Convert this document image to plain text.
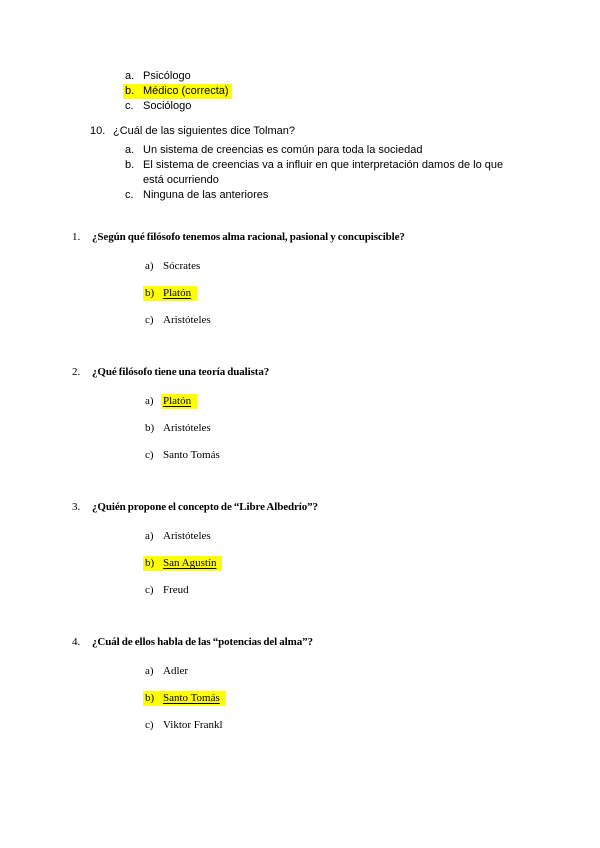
a. Psicólogo
b. Médico (correcta)
c. Sociólogo
10. ¿Cuál de las siguientes dice Tolman?
a. Un sistema de creencias es común para toda la sociedad
b. El sistema de creencias va a influir en que interpretación damos de lo que
está ocurriendo
c. Ninguna de las anteriores
1. ¿Según qué filósofo tenemos alma racional, pasional y concupiscible?
a) Sócrates
b) Platón
c) Aristóteles
2. ¿Qué filósofo tiene una teoría dualista?
a) Platón
b) Aristóteles
c) Santo Tomás
3. ¿Quién propone el concepto de “Libre Albedrío”?
a) Aristóteles
b) San Agustín
c) Freud
4. ¿Cuál de ellos habla de las “potencias del alma”?
a) Adler
b) Santo Tomás
c) Viktor Frankl
